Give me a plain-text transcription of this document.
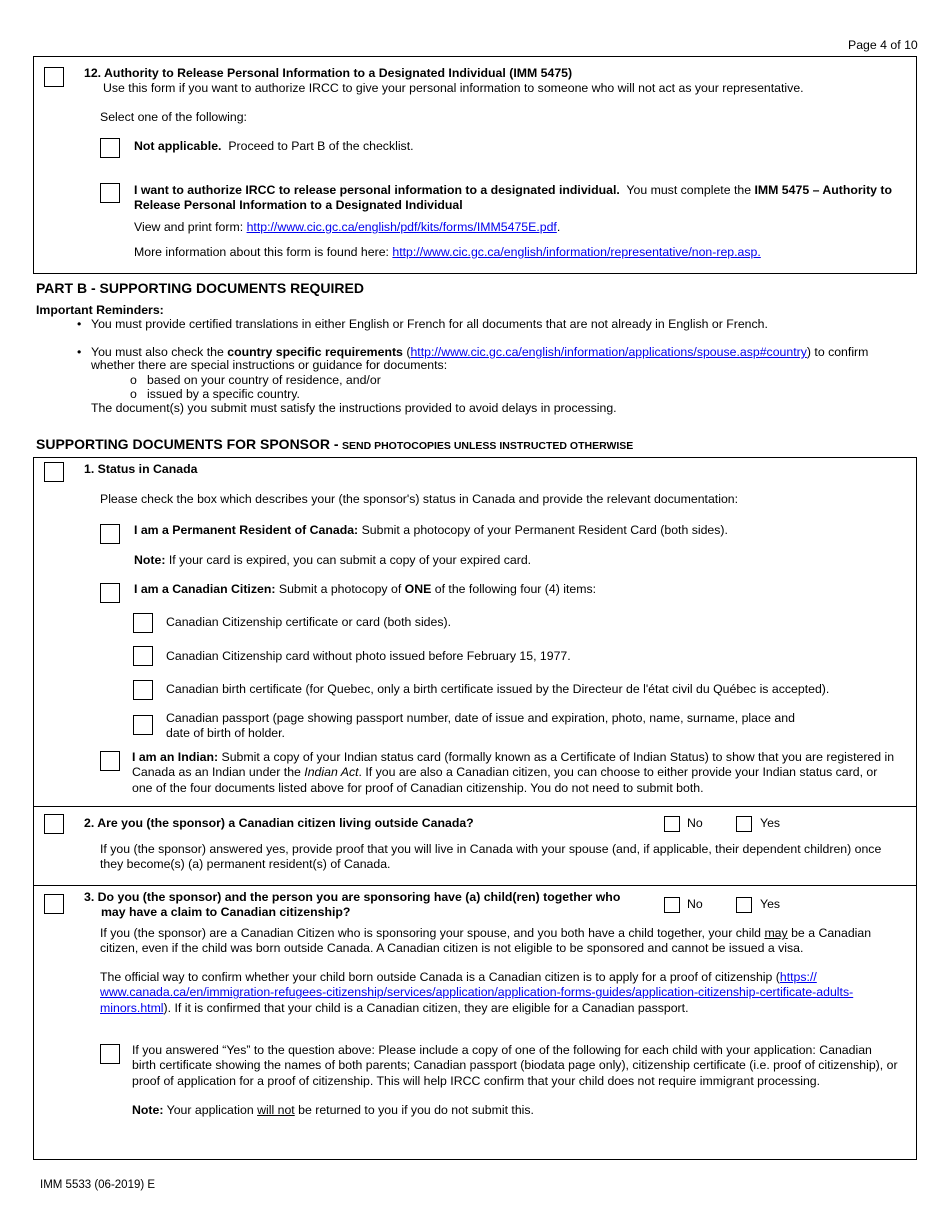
Page 4 of 10
12. Authority to Release Personal Information to a Designated Individual (IMM 5475)
Use this form if you want to authorize IRCC to give your personal information to someone who will not act as your representative.
Select one of the following:
Not applicable. Proceed to Part B of the checklist.
I want to authorize IRCC to release personal information to a designated individual. You must complete the IMM 5475 – Authority to Release Personal Information to a Designated Individual
View and print form: http://www.cic.gc.ca/english/pdf/kits/forms/IMM5475E.pdf.
More information about this form is found here: http://www.cic.gc.ca/english/information/representative/non-rep.asp.
PART B - SUPPORTING DOCUMENTS REQUIRED
Important Reminders:
• You must provide certified translations in either English or French for all documents that are not already in English or French.
• You must also check the country specific requirements (http://www.cic.gc.ca/english/information/applications/spouse.asp#country) to confirm
whether there are special instructions or guidance for documents:
o based on your country of residence, and/or
o issued by a specific country.
The document(s) you submit must satisfy the instructions provided to avoid delays in processing.
SUPPORTING DOCUMENTS FOR SPONSOR - SEND PHOTOCOPIES UNLESS INSTRUCTED OTHERWISE
1. Status in Canada
Please check the box which describes your (the sponsor's) status in Canada and provide the relevant documentation:
I am a Permanent Resident of Canada: Submit a photocopy of your Permanent Resident Card (both sides).
Note: If your card is expired, you can submit a copy of your expired card.
I am a Canadian Citizen: Submit a photocopy of ONE of the following four (4) items:
Canadian Citizenship certificate or card (both sides).
Canadian Citizenship card without photo issued before February 15, 1977.
Canadian birth certificate (for Quebec, only a birth certificate issued by the Directeur de l'état civil du Québec is accepted).
Canadian passport (page showing passport number, date of issue and expiration, photo, name, surname, place and
date of birth of holder.
I am an Indian: Submit a copy of your Indian status card (formally known as a Certificate of Indian Status) to show that you are registered in
Canada as an Indian under the Indian Act. If you are also a Canadian citizen, you can choose to either provide your Indian status card, or
one of the four documents listed above for proof of Canadian citizenship. You do not need to submit both.
2. Are you (the sponsor) a Canadian citizen living outside Canada?	No	Yes
If you (the sponsor) answered yes, provide proof that you will live in Canada with your spouse (and, if applicable, their dependent children) once
they become(s) (a) permanent resident(s) of Canada.
3. Do you (the sponsor) and the person you are sponsoring have (a) child(ren) together who
may have a claim to Canadian citizenship?
No	Yes
If you (the sponsor) are a Canadian Citizen who is sponsoring your spouse, and you both have a child together, your child may be a Canadian
citizen, even if the child was born outside Canada. A Canadian citizen is not eligible to be sponsored and cannot be issued a visa.
The official way to confirm whether your child born outside Canada is a Canadian citizen is to apply for a proof of citizenship (https://
www.canada.ca/en/immigration-refugees-citizenship/services/application/application-forms-guides/application-citizenship-certificate-adults-
minors.html). If it is confirmed that your child is a Canadian citizen, they are eligible for a Canadian passport.
If you answered “Yes” to the question above: Please include a copy of one of the following for each child with your application: Canadian
birth certificate showing the names of both parents; Canadian passport (biodata page only), citizenship certificate (i.e. proof of citizenship), or
proof of application for a proof of citizenship. This will help IRCC confirm that your child does not require immigrant processing.
Note: Your application will not be returned to you if you do not submit this.
IMM 5533 (06-2019) E
